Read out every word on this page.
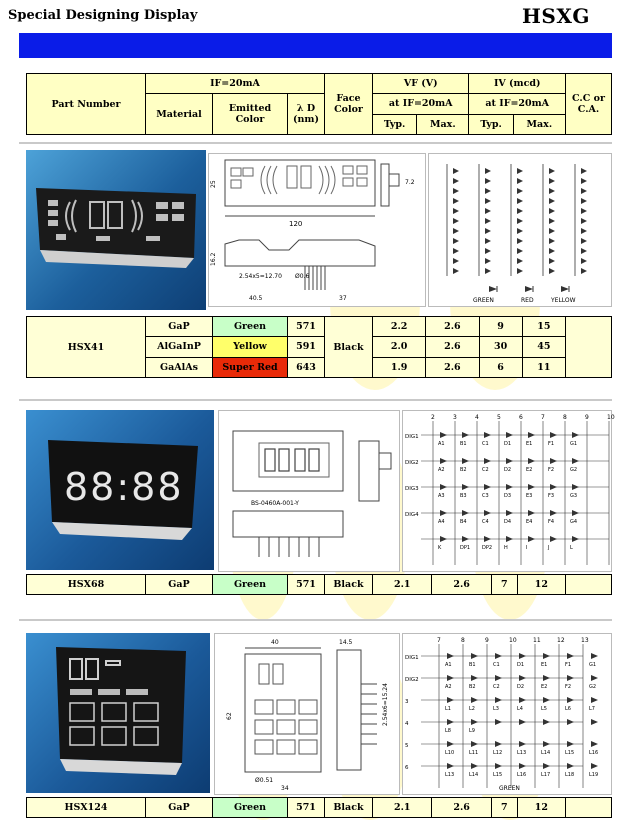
Special Designing Display	HSXG
Part Number	IF=20mA			Face Color	VF (V)		IV (mcd)		C.C or C.A.
	Material	Emitted Color	λ D (nm)		at IF=20mA		at IF=20mA		
					Typ.	Max.	Typ.	Max.	
120
25
16.2
2.54x5=12.70 Ø0.6
40.5	37
7.2
GREEN	RED	YELLOW
HSX41	GaP	Green	571	Black	2.2	2.6	9	15	
	AlGaInP	Yellow	591		2.0	2.6	30	45	
	GaAlAs	Super Red	643		1.9	2.6	6	11	
88:88	BS-0460A-001-Y
2	3	4	5	6	7	8	9	10
DIG1
A1	B1	C1	D1	E1	F1	G1
DIG2
A2	B2	C2	D2	E2	F2	G2
DIG3
A3	B3	C3	D3	E3	F3	G3
DIG4
A4	B4	C4	D4	E4	F4	G4
K	DP1 DP2 H	I	J	L
HSX68	GaP	Green	571	Black	2.1	2.6	7	12	
40
62
Ø0.51
34
14.5
2.54x6=15.24
7	8	9	10	11	12	13
DIG1
A1	B1	C1	D1	E1	F1	G1
DIG2
A2	B2	C2	D2	E2	F2	G2
3
L1	L2	L3	L4	L5	L6	L7
4
L8	L9
5
L10	L11	L12	L13	L14	L15	L16
6
L13	L14	L15	L16	L17	L18	L19
GREEN
HSX124	GaP	Green	571	Black	2.1	2.6	7	12	
